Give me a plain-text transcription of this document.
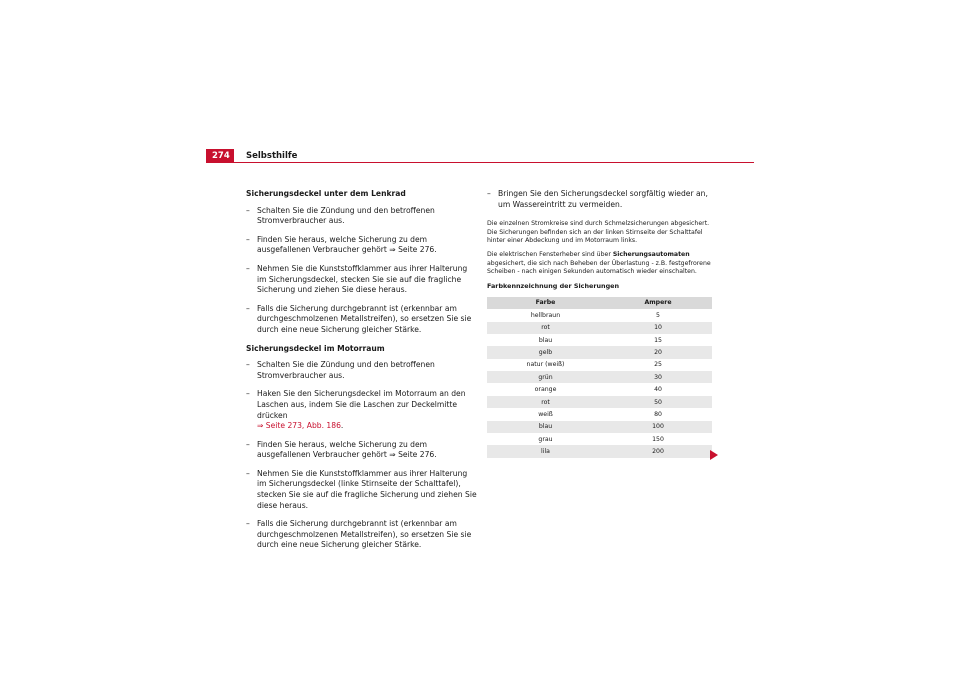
274	Selbsthilfe
Sicherungsdeckel unter dem Lenkrad
– Schalten Sie die Zündung und den betroffenen Stromverbraucher aus.
– Finden Sie heraus, welche Sicherung zu dem ausgefallenen Verbraucher gehört ⇒ Seite 276.
– Nehmen Sie die Kunststoffklammer aus ihrer Halterung im Sicherungsdeckel, stecken Sie sie auf die fragliche Sicherung und ziehen Sie diese heraus.
– Falls die Sicherung durchgebrannt ist (erkennbar am durchgeschmolzenen Metallstreifen), so ersetzen Sie sie durch eine neue Sicherung gleicher Stärke.
Sicherungsdeckel im Motorraum
– Schalten Sie die Zündung und den betroffenen Stromverbraucher aus.
– Haken Sie den Sicherungsdeckel im Motorraum an den Laschen aus, indem Sie die Laschen zur Deckelmitte drücken
⇒ Seite 273, Abb. 186.
– Finden Sie heraus, welche Sicherung zu dem ausgefallenen Verbraucher gehört ⇒ Seite 276.
– Nehmen Sie die Kunststoffklammer aus ihrer Halterung im Sicherungsdeckel (linke Stirnseite der Schalttafel), stecken Sie sie auf die fragliche Sicherung und ziehen Sie diese heraus.
– Falls die Sicherung durchgebrannt ist (erkennbar am durchgeschmolzenen Metallstreifen), so ersetzen Sie sie durch eine neue Sicherung gleicher Stärke.
– Bringen Sie den Sicherungsdeckel sorgfältig wieder an, um Wassereintritt zu vermeiden.
Die einzelnen Stromkreise sind durch Schmelzsicherungen abgesichert. Die Sicherungen befinden sich an der linken Stirnseite der Schalttafel hinter einer Abdeckung und im Motorraum links.
Die elektrischen Fensterheber sind über Sicherungsautomaten abgesichert, die sich nach Beheben der Überlastung - z.B. festgefrorene Scheiben - nach einigen Sekunden automatisch wieder einschalten.
Farbkennzeichnung der Sicherungen
Farbe	Ampere
hellbraun	5
rot	10
blau	15
gelb	20
natur (weiß)	25
grün	30
orange	40
rot	50
weiß	80
blau	100
grau	150
lila	200
